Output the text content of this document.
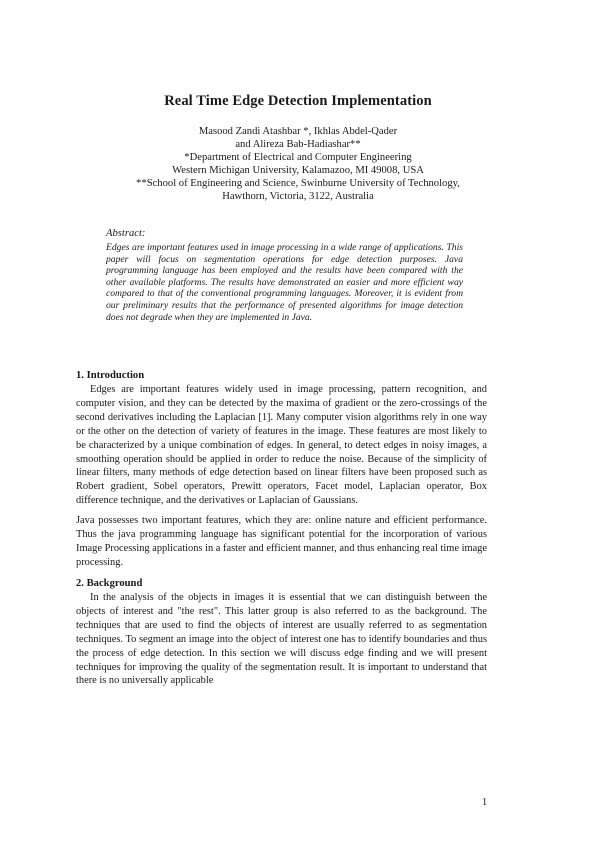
Real Time Edge Detection Implementation
Masood Zandi Atashbar *, Ikhlas Abdel-Qader
and Alireza Bab-Hadiashar**
*Department of Electrical and Computer Engineering
Western Michigan University, Kalamazoo, MI 49008, USA
**School of Engineering and Science, Swinburne University of Technology,
Hawthorn, Victoria, 3122, Australia
Abstract:
Edges are important features used in image processing in a wide range of applications. This paper will focus on segmentation operations for edge detection purposes. Java programming language has been employed and the results have been compared with the other available platforms. The results have demonstrated an easier and more efficient way compared to that of the conventional programming languages. Moreover, it is evident from our preliminary results that the performance of presented algorithms for image detection does not degrade when they are implemented in Java.
1. Introduction
Edges are important features widely used in image processing, pattern recognition, and computer vision, and they can be detected by the maxima of gradient or the zero-crossings of the second derivatives including the Laplacian [1]. Many computer vision algorithms rely in one way or the other on the detection of variety of features in the image. These features are most likely to be characterized by a unique combination of edges. In general, to detect edges in noisy images, a smoothing operation should be applied in order to reduce the noise. Because of the simplicity of linear filters, many methods of edge detection based on linear filters have been proposed such as Robert gradient, Sobel operators, Prewitt operators, Facet model, Laplacian operator, Box difference technique, and the derivatives or Laplacian of Gaussians.
Java possesses two important features, which they are: online nature and efficient performance. Thus the java programming language has significant potential for the incorporation of various Image Processing applications in a faster and efficient manner, and thus enhancing real time image processing.
2. Background
In the analysis of the objects in images it is essential that we can distinguish between the objects of interest and "the rest". This latter group is also referred to as the background. The techniques that are used to find the objects of interest are usually referred to as segmentation techniques. To segment an image into the object of interest one has to identify boundaries and thus the process of edge detection. In this section we will discuss edge finding and we will present techniques for improving the quality of the segmentation result. It is important to understand that there is no universally applicable
1
